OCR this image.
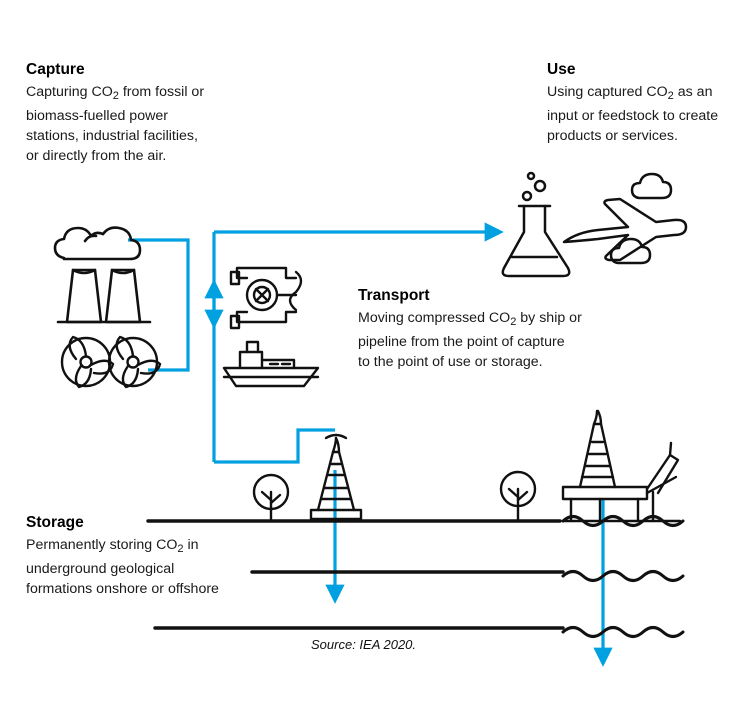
Capture
Capturing $CO_2$ from fossil or
biomass-fuelled power
stations, industrial facilities,
or directly from the air.
Use
Using captured $CO_2$ as an
input or feedstock to create
products or services.
Transport
Moving compressed $CO_2$ by ship or
pipeline from the point of capture
to the point of use or storage.
Storage
Permanently storing $CO_2$ in
underground geological
formations onshore or offshore
Source: IEA 2020.
